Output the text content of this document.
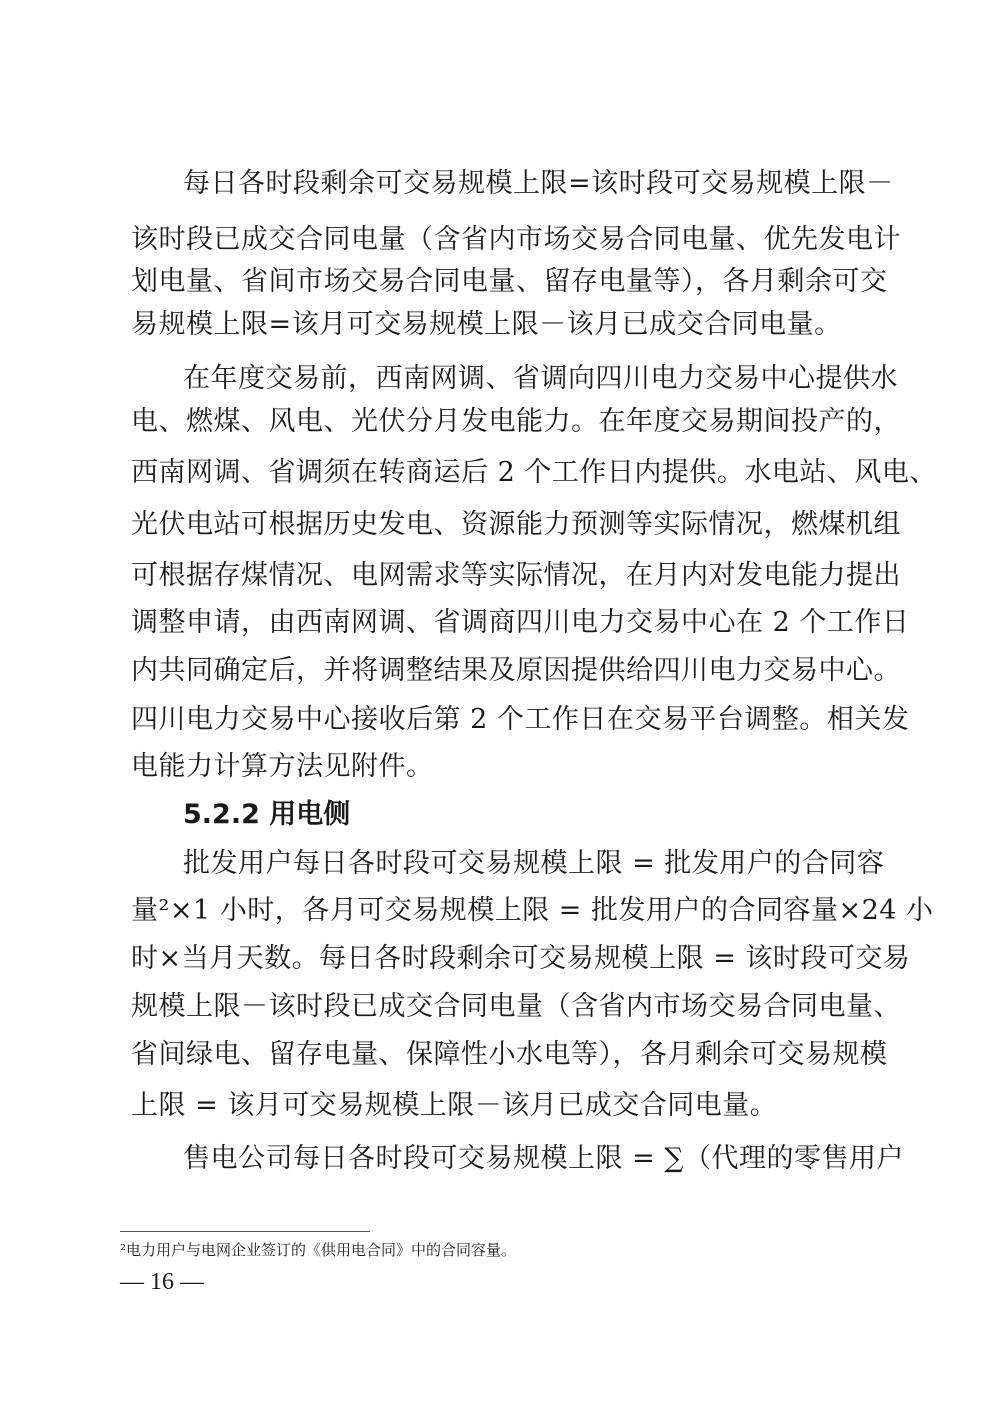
每日各时段剩余可交易规模上限=该时段可交易规模上限－
该时段已成交合同电量（含省内市场交易合同电量、优先发电计
划电量、省间市场交易合同电量、留存电量等），各月剩余可交
易规模上限=该月可交易规模上限－该月已成交合同电量。
在年度交易前，西南网调、省调向四川电力交易中心提供水
电、燃煤、风电、光伏分月发电能力。在年度交易期间投产的，
西南网调、省调须在转商运后 2 个工作日内提供。水电站、风电、
光伏电站可根据历史发电、资源能力预测等实际情况，燃煤机组
可根据存煤情况、电网需求等实际情况，在月内对发电能力提出
调整申请，由西南网调、省调商四川电力交易中心在 2 个工作日
内共同确定后，并将调整结果及原因提供给四川电力交易中心。
四川电力交易中心接收后第 2 个工作日在交易平台调整。相关发
电能力计算方法见附件。
5.2.2 用电侧
批发用户每日各时段可交易规模上限 = 批发用户的合同容
量²×1 小时，各月可交易规模上限 = 批发用户的合同容量×24 小
时×当月天数。每日各时段剩余可交易规模上限 = 该时段可交易
规模上限－该时段已成交合同电量（含省内市场交易合同电量、
省间绿电、留存电量、保障性小水电等），各月剩余可交易规模
上限 = 该月可交易规模上限－该月已成交合同电量。
售电公司每日各时段可交易规模上限 = ∑（代理的零售用户
²电力用户与电网企业签订的《供用电合同》中的合同容量。
— 16 —
